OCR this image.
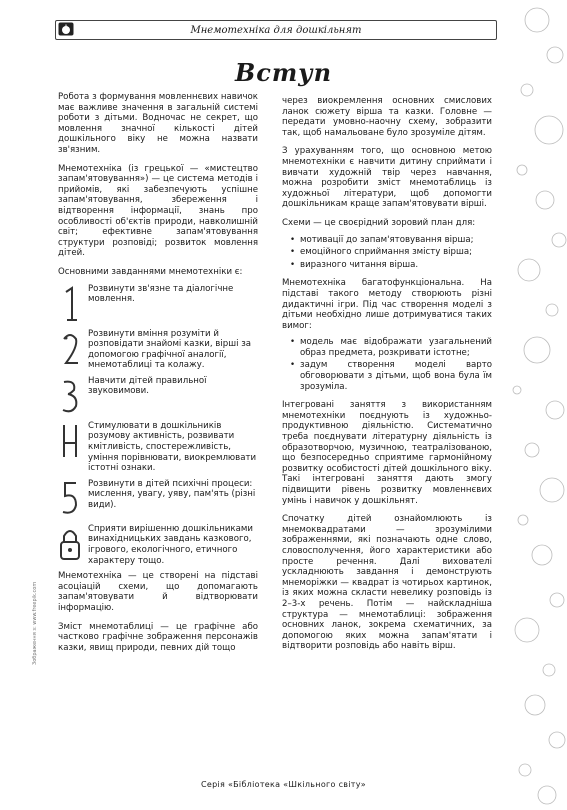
Мнемотехніка для дошкільнят
Вступ

Робота з формування мовленнєвих навичок має важливе значення в загальній системі роботи з дітьми. Водночас не секрет, що мовлення значної кількості дітей дошкільного віку не можна назвати зв'язним.

Мнемотехніка (із грецької — «мистецтво запам'ятовування») — це система методів і прийомів, які забезпечують успішне запам'ятовування, збереження і відтворення інформації, знань про особливості об'єктів природи, навколишній світ; ефективне запам'ятовування структури розповіді; розвиток мовлення дітей.

Основними завданнями мнемотехніки є:

Розвинути зв'язне та діалогічне мовлення.
Розвинути вміння розуміти й розповідати знайомі казки, вірші за допомогою графічної аналогії, мнемотаблиці та колажу.
Навчити дітей правильної звуковимови.
Стимулювати в дошкільників розумову активність, розвивати кмітливість, спостережливість, уміння порівнювати, виокремлювати істотні ознаки.
Розвинути в дітей психічні процеси: мислення, увагу, уяву, пам'ять (різні види).
Сприяти вирішенню дошкільниками винахідницьких завдань казкового, ігрового, екологічного, етичного характеру тощо.

Мнемотехніка — це створені на підставі асоціацій схеми, що допомагають запам'ятовувати й відтворювати інформацію.

Зміст мнемотаблиці — це графічне або частково графічне зображення персонажів казки, явищ природи, певних дій тощо

через виокремлення основних смислових ланок сюжету вірша та казки. Головне — передати умовно-наочну схему, зобразити так, щоб намальоване було зрозуміле дітям.

З урахуванням того, що основною метою мнемотехніки є навчити дитину сприймати і вивчати художній твір через навчання, можна розробити зміст мнемотаблиць із художньої літератури, щоб допомогти дошкільникам краще запам'ятовувати вірші.

Схеми — це своєрідний зоровий план для:

• мотивації до запам'ятовування вірша;
• емоційного сприймання змісту вірша;
• виразного читання вірша.

Мнемотехніка багатофункціональна. На підставі такого методу створюють різні дидактичні ігри. Під час створення моделі з дітьми необхідно лише дотримуватися таких вимог:

• модель має відображати узагальнений образ предмета, розкривати істотне;
• задум створення моделі варто обговорювати з дітьми, щоб вона була їм зрозуміла.

Інтегровані заняття з використанням мнемотехніки поєднують із художньо-продуктивною діяльністю. Систематично треба поєднувати літературну діяльність із образотворчою, музичною, театралізованою, що безпосередньо сприятиме гармонійному розвитку особистості дітей дошкільного віку. Такі інтегровані заняття дають змогу підвищити рівень розвитку мовленнєвих умінь і навичок у дошкільнят.

Спочатку дітей ознайомлюють із мнемоквадратами — зрозумілими зображеннями, які позначають одне слово, словосполучення, його характеристики або просте речення. Далі вихователі ускладнюють завдання і демонструють мнеморіжки — квадрат із чотирьох картинок, із яких можна скласти невелику розповідь із 2–3-х речень. Потім — найскладніша структура — мнемотаблиці: зображення основних ланок, зокрема схематичних, за допомогою яких можна запам'ятати і відтворити розповідь або навіть вірш.

Зображення з: www.freepik.com
Серія «Бібліотека «Шкільного світу»
